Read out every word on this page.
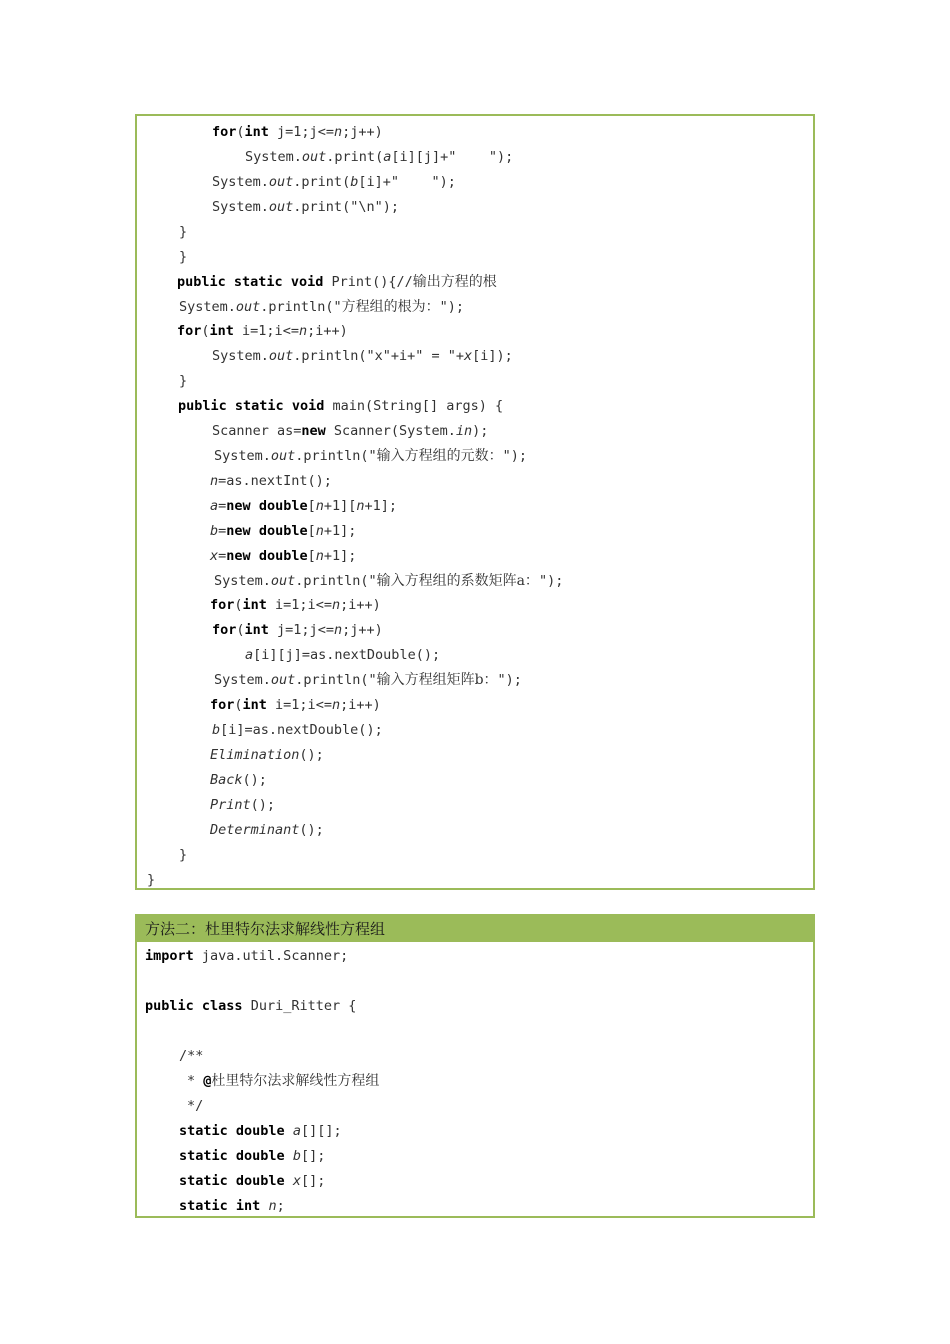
for(int j=1;j<=n;j++)
System.out.print(a[i][j]+"    ");
System.out.print(b[i]+"    ");
System.out.print("\n");
}
}
public static void Print(){//输出方程的根
System.out.println("方程组的根为：");
for(int i=1;i<=n;i++)
System.out.println("x"+i+" = "+x[i]);
}
public static void main(String[] args) {
Scanner as=new Scanner(System.in);
System.out.println("输入方程组的元数：");
n=as.nextInt();
a=new double[n+1][n+1];
b=new double[n+1];
x=new double[n+1];
System.out.println("输入方程组的系数矩阵a：");
for(int i=1;i<=n;i++)
for(int j=1;j<=n;j++)
a[i][j]=as.nextDouble();
System.out.println("输入方程组矩阵b：");
for(int i=1;i<=n;i++)
b[i]=as.nextDouble();
Elimination();
Back();
Print();
Determinant();
}
}
方法二：杜里特尔法求解线性方程组
import java.util.Scanner;
public class Duri_Ritter {
/**
* @杜里特尔法求解线性方程组
*/
static double a[][];
static double b[];
static double x[];
static int n;
